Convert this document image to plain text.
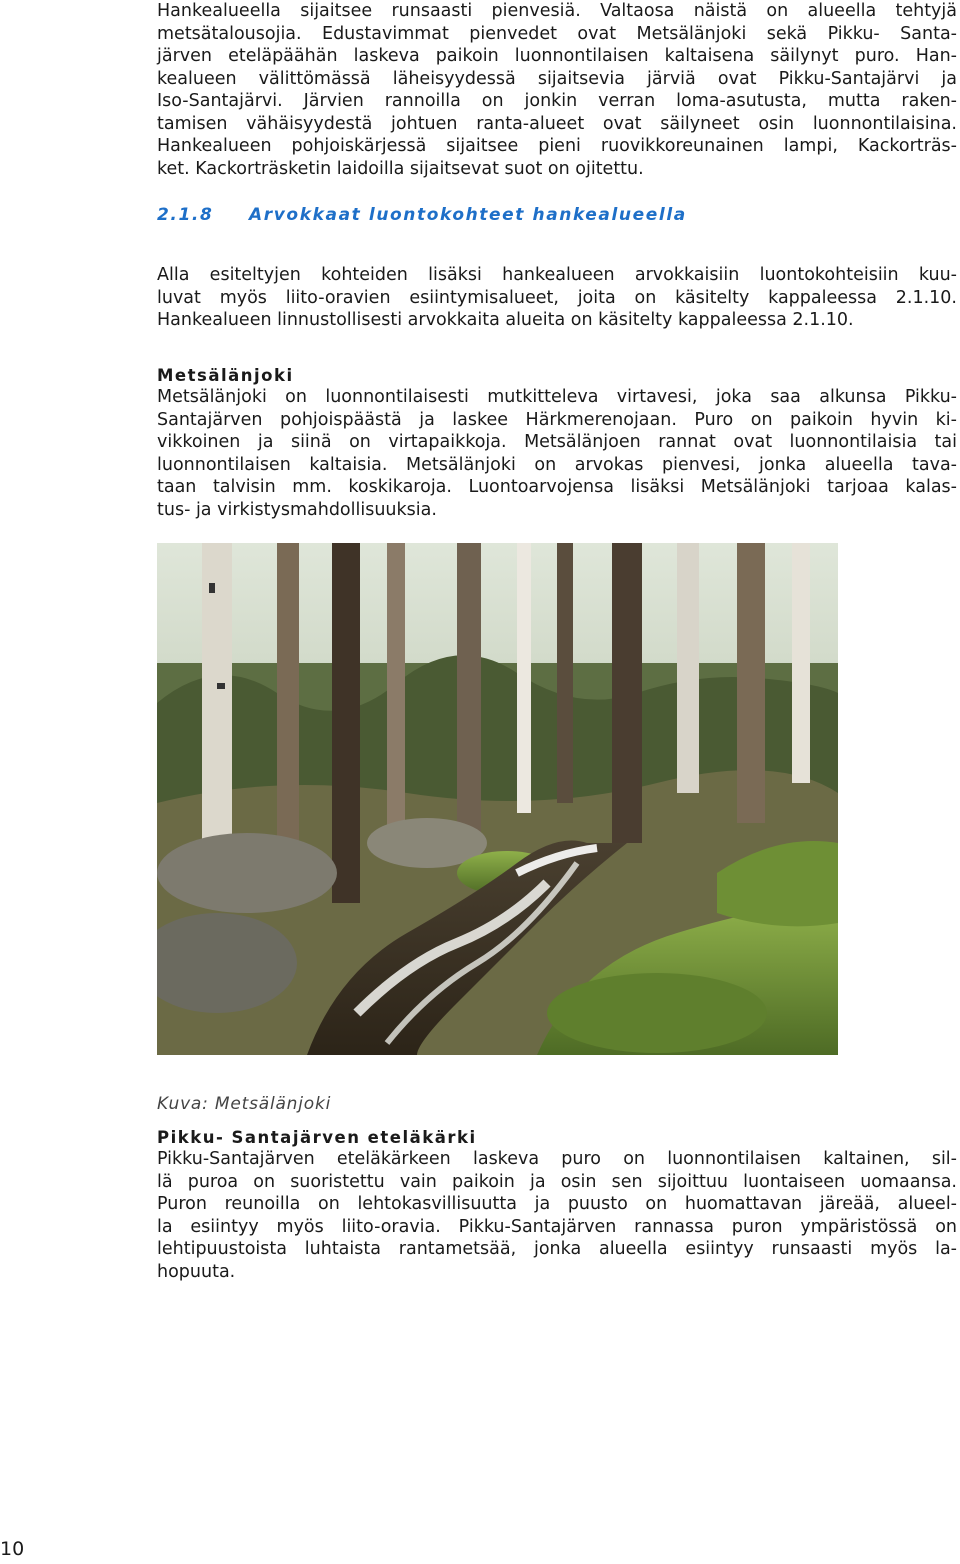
Hankealueella sijaitsee runsaasti pienvesiä. Valtaosa näistä on alueella tehtyjä
metsätalousojia. Edustavimmat pienvedet ovat Metsälänjoki sekä Pikku- Santa-
järven eteläpäähän laskeva paikoin luonnontilaisen kaltaisena säilynyt puro. Han-
kealueen välittömässä läheisyydessä sijaitsevia järviä ovat Pikku-Santajärvi ja
Iso-Santajärvi. Järvien rannoilla on jonkin verran loma-asutusta, mutta raken-
tamisen vähäisyydestä johtuen ranta-alueet ovat säilyneet osin luonnontilaisina.
Hankealueen pohjoiskärjessä sijaitsee pieni ruovikkoreunainen lampi, Kackorträs-
ket. Kackorträsketin laidoilla sijaitsevat suot on ojitettu.
2.1.8	Arvokkaat luontokohteet hankealueella
Alla esiteltyjen kohteiden lisäksi hankealueen arvokkaisiin luontokohteisiin kuu-
luvat myös liito-oravien esiintymisalueet, joita on käsitelty kappaleessa 2.1.10.
Hankealueen linnustollisesti arvokkaita alueita on käsitelty kappaleessa 2.1.10.
Metsälänjoki
Metsälänjoki on luonnontilaisesti mutkitteleva virtavesi, joka saa alkunsa Pikku-
Santajärven pohjoispäästä ja laskee Härkmerenojaan. Puro on paikoin hyvin ki-
vikkoinen ja siinä on virtapaikkoja. Metsälänjoen rannat ovat luonnontilaisia tai
luonnontilaisen kaltaisia. Metsälänjoki on arvokas pienvesi, jonka alueella tava-
taan talvisin mm. koskikaroja. Luontoarvojensa lisäksi Metsälänjoki tarjoaa kalas-
tus- ja virkistysmahdollisuuksia.
Kuva: Metsälänjoki
Pikku- Santajärven eteläkärki
Pikku-Santajärven eteläkärkeen laskeva puro on luonnontilaisen kaltainen, sil-
lä puroa on suoristettu vain paikoin ja osin sen sijoittuu luontaiseen uomaansa.
Puron reunoilla on lehtokasvillisuutta ja puusto on huomattavan järeää, alueel-
la esiintyy myös liito-oravia. Pikku-Santajärven rannassa puron ympäristössä on
lehtipuustoista luhtaista rantametsää, jonka alueella esiintyy runsaasti myös la-
hopuuta.
10
